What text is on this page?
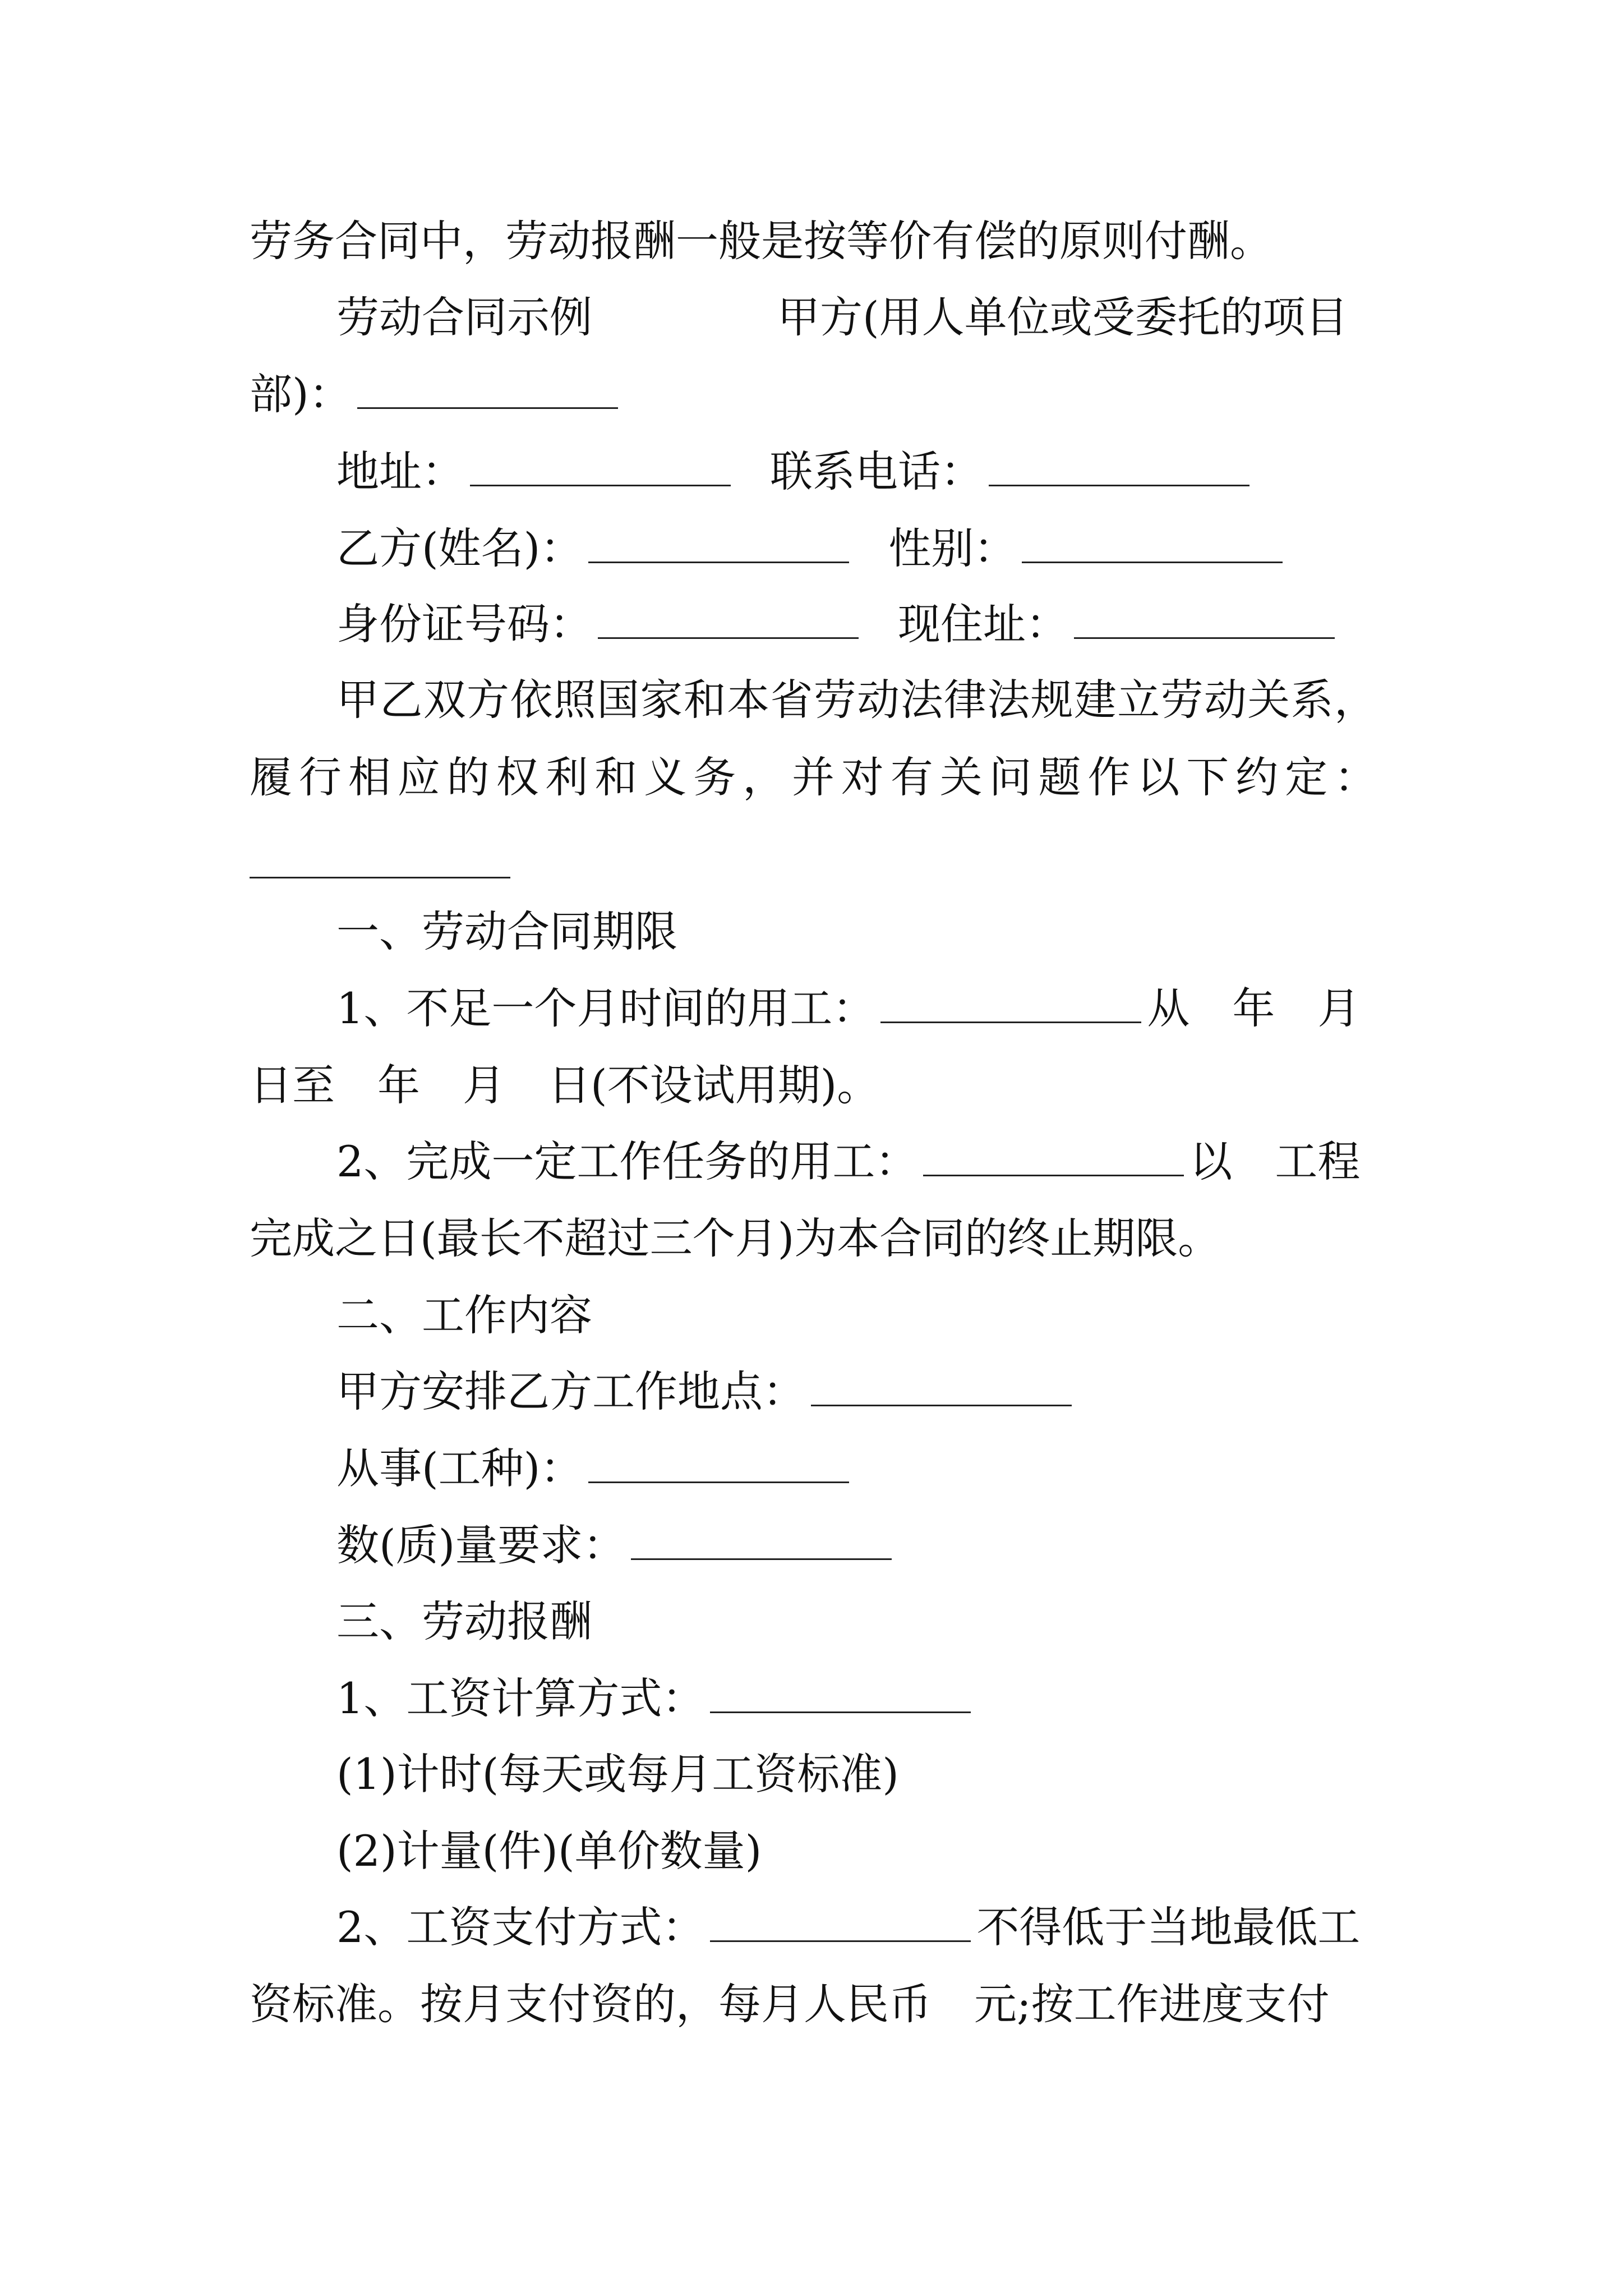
劳务合同中，劳动报酬一般是按等价有偿的原则付酬。
劳动合同示例	甲方(用人单位或受委托的项目
部)：
地址：	联系电话：
乙方(姓名)：	性别：
身份证号码：	现住址：
甲乙双方依照国家和本省劳动法律法规建立劳动关系，
履行相应的权利和义务，并对有关问题作以下约定：
一、劳动合同期限
1、不足一个月时间的用工：	从　年　月
日至　年　月　日(不设试用期)。
2、完成一定工作任务的用工：	以　工程
完成之日(最长不超过三个月)为本合同的终止期限。
二、工作内容
甲方安排乙方工作地点：
从事(工种)：
数(质)量要求：
三、劳动报酬
1、工资计算方式：
(1)计时(每天或每月工资标准)
(2)计量(件)(单价数量)
2、工资支付方式：	不得低于当地最低工
资标准。按月支付资的，每月人民币　元;按工作进度支付
